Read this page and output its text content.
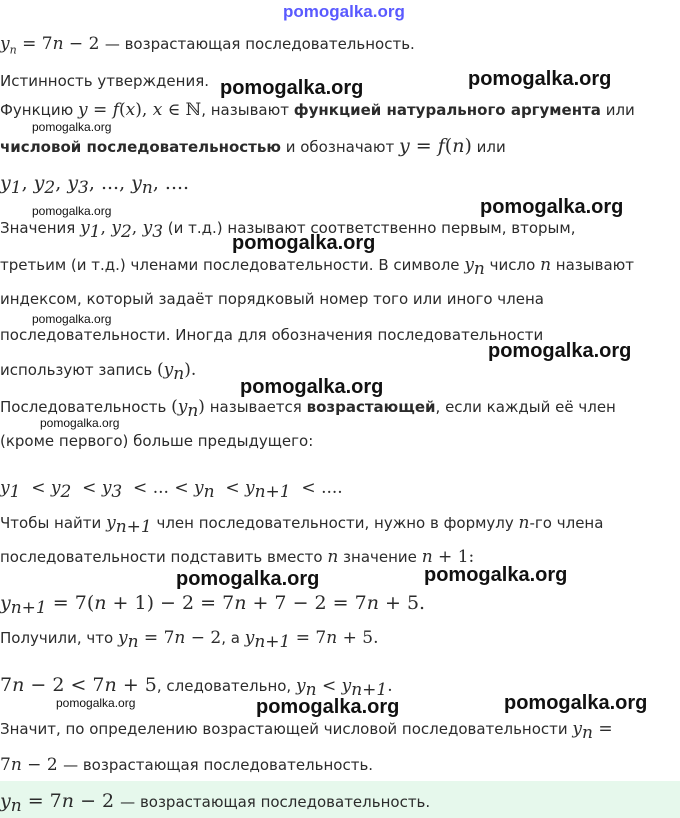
pomogalka.org
$y_n = 7n - 2$ — возрастающая последовательность.
Истинность утверждения.
Функцию y = f(x), x ∈ ℕ, называют функцией натурального аргумента или
числовой последовательностью и обозначают y = f(n) или
$y_1$, $y_2$, $y_3$, ..., $y_n$, ....
Значения $y_1$, $y_2$, $y_3$ (и т.д.) называют соответственно первым, вторым,
третьим (и т.д.) членами последовательности. В символе $y_n$ число n называют
индексом, который задаёт порядковый номер того или иного члена
последовательности. Иногда для обозначения последовательности
используют запись $(y_n)$.
Последовательность $(y_n)$ называется возрастающей, если каждый её член
(кроме первого) больше предыдущего:
$y_1 < y_2 < y_3$  < ... < $y_n < y_{n+1}$  < ....
Чтобы найти $y_{n+1}$ член последовательности, нужно в формулу n-го члена
последовательности подставить вместо n значение n + 1:
$y_{n+1} = 7(n + 1) - 2 = 7n + 7 - 2 = 7n + 5$.
Получили, что $y_n = 7n - 2$, а $y_{n+1} = 7n + 5$.
7n − 2 < 7n + 5, следовательно, $y_n < y_{n+1}$.
Значит, по определению возрастающей числовой последовательности $y_n$ =
7n − 2 — возрастающая последовательность.
$y_n = 7n - 2$ — возрастающая последовательность.
pomogalka.org	pomogalka.org
pomogalka.org
pomogalka.org	pomogalka.org
pomogalka.org
pomogalka.org
pomogalka.org
pomogalka.org
pomogalka.org
pomogalka.org	pomogalka.org
pomogalka.org	pomogalka.org	pomogalka.org
